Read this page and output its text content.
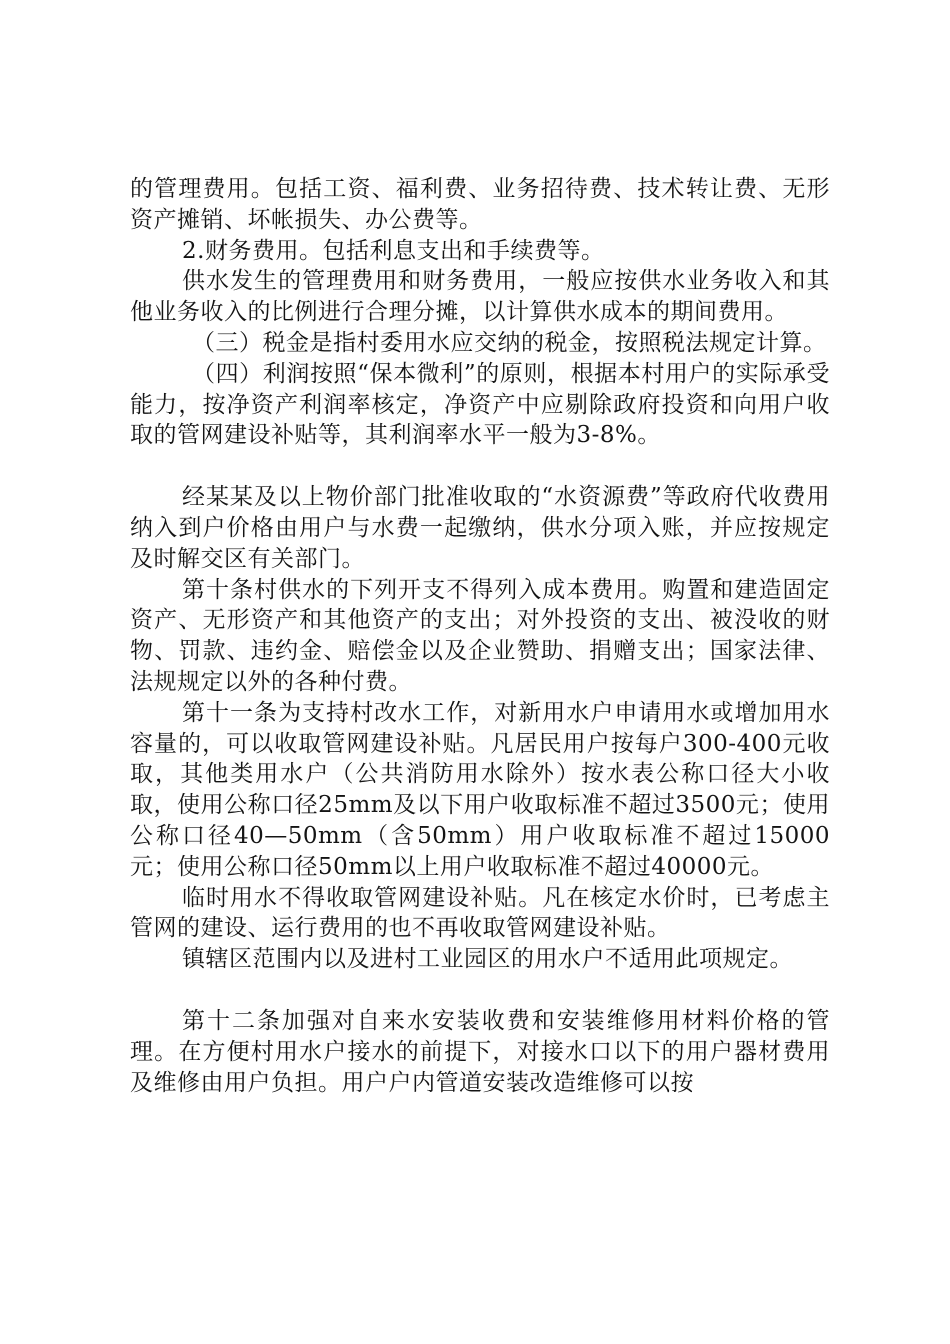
的管理费用。包括工资、福利费、业务招待费、技术转让费、无形资产摊销、坏帐损失、办公费等。

2.财务费用。包括利息支出和手续费等。

供水发生的管理费用和财务费用，一般应按供水业务收入和其他业务收入的比例进行合理分摊，以计算供水成本的期间费用。

（三）税金是指村委用水应交纳的税金，按照税法规定计算。

（四）利润按照“保本微利”的原则，根据本村用户的实际承受能力，按净资产利润率核定，净资产中应剔除政府投资和向用户收取的管网建设补贴等，其利润率水平一般为3-8%。

经某某及以上物价部门批准收取的“水资源费”等政府代收费用纳入到户价格由用户与水费一起缴纳，供水分项入账，并应按规定及时解交区有关部门。

第十条村供水的下列开支不得列入成本费用。购置和建造固定资产、无形资产和其他资产的支出；对外投资的支出、被没收的财物、罚款、违约金、赔偿金以及企业赞助、捐赠支出；国家法律、法规规定以外的各种付费。

第十一条为支持村改水工作，对新用水户申请用水或增加用水容量的，可以收取管网建设补贴。凡居民用户按每户300-400元收取，其他类用水户（公共消防用水除外）按水表公称口径大小收取，使用公称口径25mm及以下用户收取标准不超过3500元；使用公称口径40—50mm（含50mm）用户收取标准不超过15000元；使用公称口径50mm以上用户收取标准不超过40000元。

临时用水不得收取管网建设补贴。凡在核定水价时，已考虑主管网的建设、运行费用的也不再收取管网建设补贴。

镇辖区范围内以及进村工业园区的用水户不适用此项规定。

第十二条加强对自来水安装收费和安装维修用材料价格的管理。在方便村用水户接水的前提下，对接水口以下的用户器材费用及维修由用户负担。用户户内管道安装改造维修可以按
